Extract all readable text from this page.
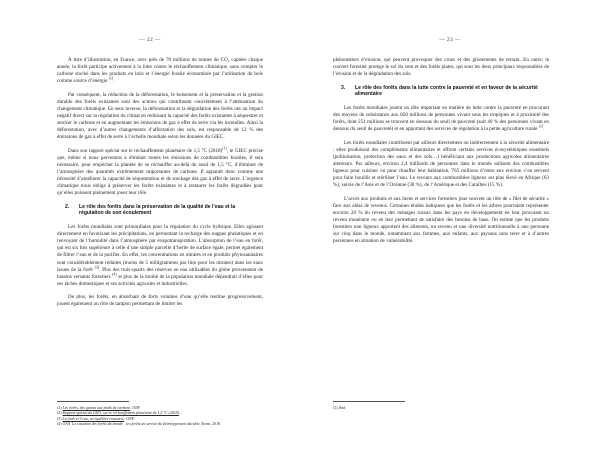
— 22 —

À titre d’illustration, en France, avec près de 70 millions de tonnes de CO₂ captées chaque année, la forêt participe activement à la lutte contre le réchauffement climatique, sans compter le carbone stocké dans les produits en bois et l’énergie fossile économisée par l’utilisation du bois comme source d’énergie $^{(1)}$.

Par conséquent, la réduction de la déforestation, le boisement et la préservation et la gestion durable des forêts existantes sont des actions qui contribuent concrètement à l’atténuation du changement climatique. En sens inverse, la déforestation et la dégradation des forêts ont un impact négatif direct sur la régulation du climat en réduisant la capacité des forêts existantes à séquestrer et stocker le carbone et en augmentant les émissions de gaz à effet de serre via les incendies. Ainsi la déforestation, avec d’autres changements d’affectation des sols, est responsable de 12 % des émissions de gaz à effet de serre à l’échelle mondiale selon les données du GIEC.

Dans son rapport spécial sur le réchauffement planétaire de 1,5 °C $(2018)^{(1)}$, le GIEC précise que, même si nous parvenons à éliminer toutes les émissions de combustibles fossiles, il sera nécessaire, pour empêcher la planète de se réchauffer au-delà du seuil de 1,5 °C, d’éliminer de l’atmosphère des quantités extrêmement importantes de carbone. Il apparaît donc comme une nécessité d’améliorer la capacité de séquestration et de stockage des gaz à effet de serre. L’urgence climatique nous oblige à préserver les forêts existantes et à restaurer les forêts dégradées pour qu’elles puissent pleinement jouer leur rôle.

2. Le rôle des forêts dans la préservation de la qualité de l’eau et la régulation de son écoulement

Les forêts mondiales sont primordiales pour la régulation du cycle hydrique. Elles agissent directement en favorisant les précipitations, en permettant la recharge des nappes phréatiques et en renvoyant de l’humidité dans l’atmosphère par évapotranspiration. L’absorption de l’eau en forêt, qui est six fois supérieure à celle d’une simple parcelle d’herbe de surface égale, permet également de filtrer l’eau et de la purifier. En effet, les concentrations en nitrates et en produits phytosanitaires sont considérablement réduites (moins de 5 milligrammes par litre pour les nitrates) dans les eaux issues de la forêt $^{(3)}$. Plus des trois-quarts des réserves en eau utilisables du globe proviennent de bassins versants forestiers $^{(4)}$ et plus de la moitié de la population mondiale dépendrait d’elles pour ses tâches domestiques et ses activités agricoles et industrielles.

De plus, les forêts, en absorbant de forts volumes d’eau qu’elle restitue progressivement, jouent également un rôle de tampon permettant de limiter les

(1) Les forêts, des géants aux pieds de carbone, ONF.
(2) Rapport spécial du GIEC sur le réchauffement planétaire de 1,5 °C (2018).
(3) La forêt et l’eau, un équilibre ressource, ONF.
(4) OAA, La situation des forêts du monde : les forêts au service du développement durable, Rome, 2018.
— 23 —

phénomènes d’érosion, qui peuvent provoquer des crues et des glissements de terrain. En outre, le couvert forestier protège le sol du vent et des forêts plates, qui sont les deux principaux responsables de l’érosion et de la dégradation des sols.

3. Le rôle des forêts dans la lutte contre la pauvreté et en faveur de la sécurité alimentaire

Les forêts mondiales jouent un rôle important en matière de lutte contre la pauvreté en procurant des moyens de subsistance aux 820 millions de personnes vivant sous les tropiques et à proximité des forêts, dont 251 millions se trouvent en dessous du seuil de pauvreté (soit 40 % des personnes vivant en dessous du seuil de pauvreté) et en apportant des services de régulation à la petite agriculture rurale $^{(1)}$.

Les forêts mondiales contribuent par ailleurs directement ou indirectement à la sécurité alimentaire : elles produisent des compléments alimentaires et offrent certains services écosystémiques essentiels (pollinisation, protection des eaux et des sols…) bénéficiant aux productions agricoles alimentaires alentours. Par ailleurs, environ 2,4 milliards de personnes dans le monde utilisent des combustibles ligneux pour cuisiner ou pour chauffer leur habitation. 765 millions d’entre eux environ s’en servent pour faire bouillir et stériliser l’eau. Le recours aux combustibles ligneux est plus élevé en Afrique (63 %), suivie de l’Asie et de l’Océanie (38 %), de l’Amérique et des Caraïbes (15 %).

L’accès aux produits et aux biens et services forestiers joue souvent un rôle de « filet de sécurité » face aux aléas de revenus. Certaines études indiquent que les forêts et les arbres pourraient représenter environ 20 % du revenu des ménages ruraux dans les pays en développement en leur procurant un revenu monétaire ou en leur permettant de satisfaire des besoins de base. On estime que les produits forestiers non ligneux apportent des aliments, un revenu et une diversité nutritionnelle à une personne sur cinq dans le monde, notamment aux femmes, aux enfants, aux paysans sans terre et à d’autres personnes en situation de vulnérabilité.

(1) Ibid.
